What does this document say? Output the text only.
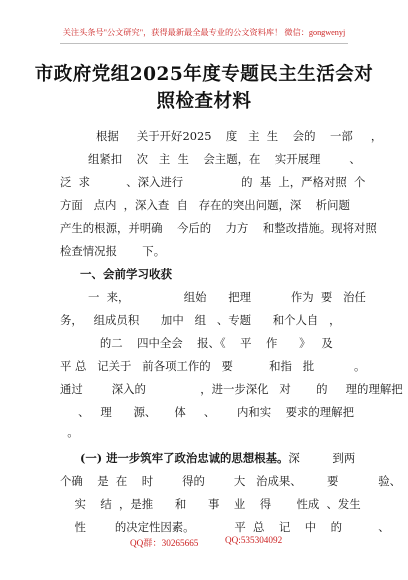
关注头条号"公文研究"，获得最新最全最专业的公文资料库！ 微信：gongwenyj
市政府党组2025年度专题民主生活会对
照检查材料
根据     关于开好2025    度   主  生    会的    一部     ，
组紧扣    次   主  生    会主题，在    实开展理        、
泛  求          、深入进行                的  基  上，严格对照  个
方面   点内  ，深入查  自   存在的突出问题，深    析问题
产生的根源，并明确    今后的    力方    和整改措施。现将对照
检查情况报       下。
一、会前学习收获
一  来，               组始      把理           作为  要   治任
务，   组成员积      加中   组   、专题      和个人自   ，
的二    四中全会    报、《    平    作      》   及
平 总   记关于   前各项工作的   要          和指   批           。
通过        深入的               ，进一步深化   对       的     理的理解把
、   理      源、     体     、      内和实    要求的理解把
。
(一) 进一步筑牢了政治忠诚的思想根基。深         到两
个确    是  在    时        得的        大   治成果、       要           验、
实    结  ，是推      和      事    业    得       性成  、发生
性        的决定性因素。           平  总    记    中    的          、
QQ群：30265665	QQ:535304092
